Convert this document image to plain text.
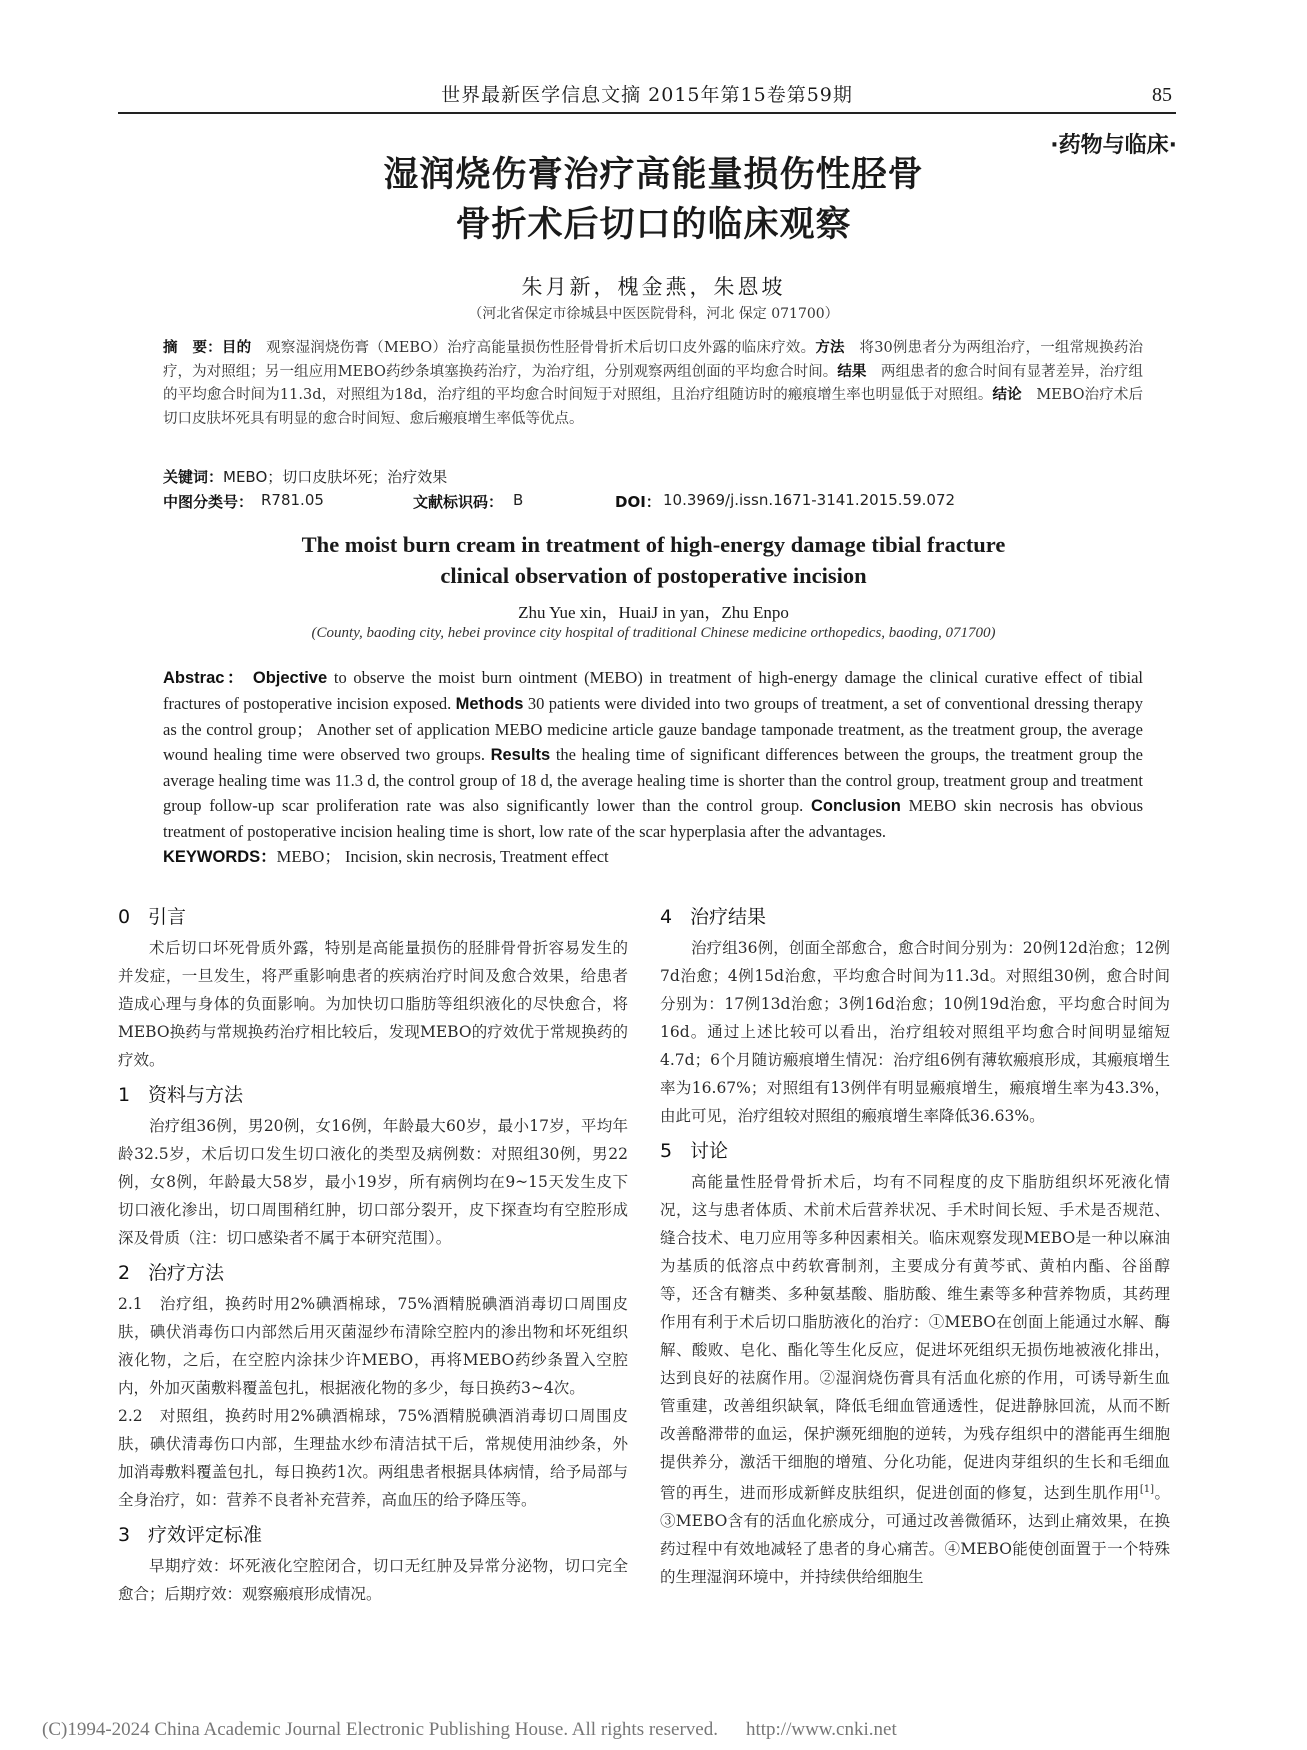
世界最新医学信息文摘 2015年第15卷第59期	85
·药物与临床·
湿润烧伤膏治疗高能量损伤性胫骨
骨折术后切口的临床观察
朱月新，槐金燕，朱恩坡
（河北省保定市徐城县中医医院骨科，河北 保定 071700）
摘　要：目的　 观察湿润烧伤膏（MEBO）治疗高能量损伤性胫骨骨折术后切口皮外露的临床疗效。方法　 将30例患者分为两组治疗，一组常规换药治疗，为对照组；另一组应用MEBO药纱条填塞换药治疗，为治疗组，分别观察两组创面的平均愈合时间。结果　 两组患者的愈合时间有显著差异，治疗组的平均愈合时间为11.3d，对照组为18d，治疗组的平均愈合时间短于对照组，且治疗组随访时的瘢痕增生率也明显低于对照组。结论　 MEBO治疗术后切口皮肤坏死具有明显的愈合时间短、愈后瘢痕增生率低等优点。
关键词：MEBO；切口皮肤坏死；治疗效果
中图分类号： R781.05	文献标识码： B	DOI： 10.3969/j.issn.1671-3141.2015.59.072
The moist burn cream in treatment of high-energy damage tibial fracture
clinical observation of postoperative incision
Zhu Yue xin，HuaiJ in yan，Zhu Enpo
(County, baoding city, hebei province city hospital of traditional Chinese medicine orthopedics, baoding, 071700)
Abstrac： Objective to observe the moist burn ointment (MEBO) in treatment of high-energy damage the clinical curative effect of tibial fractures of postoperative incision exposed. Methods 30 patients were divided into two groups of treatment, a set of conventional dressing therapy as the control group； Another set of application MEBO medicine article gauze bandage tamponade treatment, as the treatment group, the average wound healing time were observed two groups. Results the healing time of significant differences between the groups, the treatment group the average healing time was 11.3 d, the control group of 18 d, the average healing time is shorter than the control group, treatment group and treatment group follow-up scar proliferation rate was also significantly lower than the control group. Conclusion MEBO skin necrosis has obvious treatment of postoperative incision healing time is short, low rate of the scar hyperplasia after the advantages.
KEYWORDS：MEBO； Incision, skin necrosis, Treatment effect
0 引言

术后切口坏死骨质外露，特别是高能量损伤的胫腓骨骨折容易发生的并发症，一旦发生，将严重影响患者的疾病治疗时间及愈合效果，给患者造成心理与身体的负面影响。为加快切口脂肪等组织液化的尽快愈合，将MEBO换药与常规换药治疗相比较后，发现MEBO的疗效优于常规换药的疗效。

1 资料与方法

治疗组36例，男20例，女16例，年龄最大60岁，最小17岁，平均年龄32.5岁，术后切口发生切口液化的类型及病例数：对照组30例，男22例，女8例，年龄最大58岁，最小19岁，所有病例均在9~15天发生皮下切口液化渗出，切口周围稍红肿，切口部分裂开，皮下探查均有空腔形成深及骨质（注：切口感染者不属于本研究范围）。

2 治疗方法

2.1　治疗组，换药时用2%碘酒棉球，75%酒精脱碘酒消毒切口周围皮肤，碘伏消毒伤口内部然后用灭菌湿纱布清除空腔内的渗出物和坏死组织液化物，之后，在空腔内涂抹少许MEBO，再将MEBO药纱条置入空腔内，外加灭菌敷料覆盖包扎，根据液化物的多少，每日换药3~4次。

2.2　对照组，换药时用2%碘酒棉球，75%酒精脱碘酒消毒切口周围皮肤，碘伏清毒伤口内部，生理盐水纱布清洁拭干后，常规使用油纱条，外加消毒敷料覆盖包扎，每日换药1次。两组患者根据具体病情，给予局部与全身治疗，如：营养不良者补充营养，高血压的给予降压等。

3 疗效评定标准

早期疗效：坏死液化空腔闭合，切口无红肿及异常分泌物，切口完全愈合；后期疗效：观察瘢痕形成情况。

4 治疗结果

治疗组36例，创面全部愈合，愈合时间分别为：20例12d治愈；12例7d治愈；4例15d治愈，平均愈合时间为11.3d。对照组30例，愈合时间分别为：17例13d治愈；3例16d治愈；10例19d治愈，平均愈合时间为16d。通过上述比较可以看出，治疗组较对照组平均愈合时间明显缩短4.7d；6个月随访瘢痕增生情况：治疗组6例有薄软瘢痕形成，其瘢痕增生率为16.67%；对照组有13例伴有明显瘢痕增生，瘢痕增生率为43.3%，由此可见，治疗组较对照组的瘢痕增生率降低36.63%。

5 讨论

高能量性胫骨骨折术后，均有不同程度的皮下脂肪组织坏死液化情况，这与患者体质、术前术后营养状况、手术时间长短、手术是否规范、缝合技术、电刀应用等多种因素相关。临床观察发现MEBO是一种以麻油为基质的低溶点中药软膏制剂，主要成分有黄芩甙、黄柏内酯、谷甾醇等，还含有糖类、多种氨基酸、脂肪酸、维生素等多种营养物质，其药理作用有利于术后切口脂肪液化的治疗：①MEBO在创面上能通过水解、酶解、酸败、皂化、酯化等生化反应，促进坏死组织无损伤地被液化排出，达到良好的祛腐作用。②湿润烧伤膏具有活血化瘀的作用，可诱导新生血管重建，改善组织缺氧，降低毛细血管通透性，促进静脉回流，从而不断改善酪滞带的血运，保护濒死细胞的逆转，为残存组织中的潜能再生细胞提供养分，激活干细胞的增殖、分化功能，促进肉芽组织的生长和毛细血管的再生，进而形成新鲜皮肤组织，促进创面的修复，达到生肌作用[1]。③MEBO含有的活血化瘀成分，可通过改善微循环，达到止痛效果，在换药过程中有效地减轻了患者的身心痛苦。④MEBO能使创面置于一个特殊的生理湿润环境中，并持续供给细胞生

(C)1994-2024 China Academic Journal Electronic Publishing House. All rights reserved. http://www.cnki.net
